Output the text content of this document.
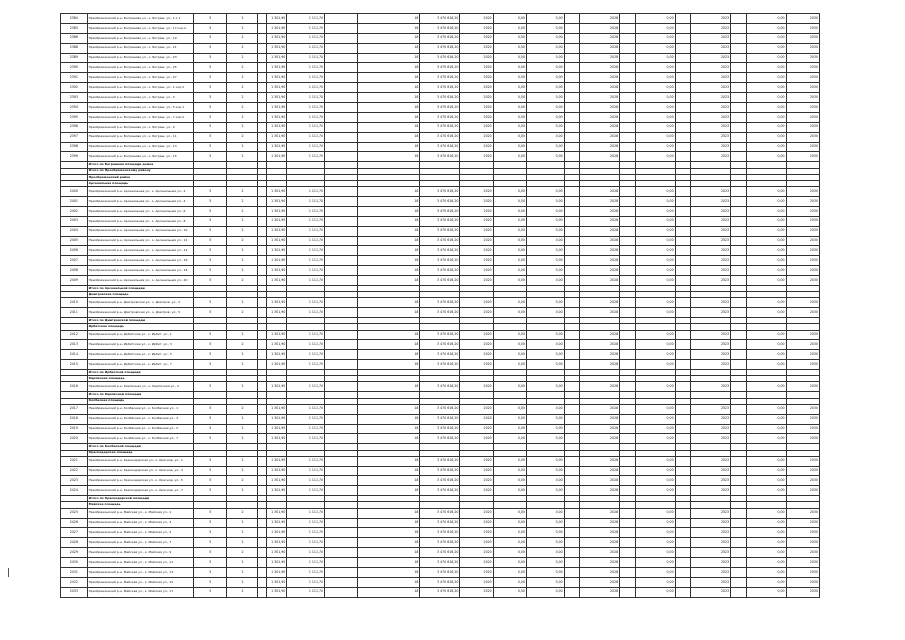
2384	Преображенский р-н, Бограшова ул., к. Бограш. ул., 1 к.1	5	2		1 301,90	1 111,70		18	3 470 616,20	2020	0,00	0,00		2028		0,00		2023		0,00	2030
2385	Преображенский р-н, Бограшова ул., к. Бограш. ул., 17 кор.А	5	2		1 301,90	1 111,70		18	3 470 616,20	2020	0,00	0,00		2028		0,00		2023		0,00	2030
2386	Преображенский р-н, Бограшова ул., к. Бограш. ул., 19	5	2		1 301,90	1 111,70		18	3 470 616,20	2020	0,00	0,00		2028		0,00		2023		0,00	2030
2388	Преображенский р-н, Бограшова ул., к. Бограш. ул., 21	5	2		1 301,90	1 111,70		18	3 470 616,20	2020	0,00	0,00		2028		0,00		2023		0,00	2030
2389	Преображенский р-н, Бограшова ул., к. Бограш. ул., 23	5	2		1 301,90	1 111,70		18	3 470 616,20	2020	0,00	0,00		2028		0,00		2023		0,00	2030
2390	Преображенский р-н, Бограшова ул., к. Бограш. ул., 25	5	2		1 301,90	1 111,70		18	3 470 616,20	2020	0,00	0,00		2028		0,00		2023		0,00	2030
2391	Преображенский р-н, Бограшова ул., к. Бограш. ул., 27	5	2		1 301,90	1 111,70		18	3 470 616,20	2020	0,00	0,00		2028		0,00		2023		0,00	2030
2392	Преображенский р-н, Бограшова ул., к. Бограш. ул., 1 кор.2	5	2		1 301,90	1 111,70		18	3 470 616,20	2020	0,00	0,00		2028		0,00		2023		0,00	2030
2393	Преображенский р-н, Бограшова ул., к. Бограш. ул., 3	5	2		1 301,90	1 111,70		18	3 470 616,20	2020	0,00	0,00		2028		0,00		2023		0,00	2030
2394	Преображенский р-н, Бограшова ул., к. Бограш. ул., 5 кор.1	5	2		1 301,90	1 111,70		18	3 470 616,20	2020	0,00	0,00		2028		0,00		2023		0,00	2030
2395	Преображенский р-н, Бограшова ул., к. Бограш. ул., 7 кор.2	5	2		1 301,90	1 111,70		18	3 470 616,20	2020	0,00	0,00		2028		0,00		2023		0,00	2030
2396	Преображенский р-н, Бограшова ул., к. Бограш. ул., 9	5	2		1 301,90	1 111,70		18	3 470 616,20	2020	0,00	0,00		2028		0,00		2023		0,00	2030
2397	Преображенский р-н, Бограшова ул., к. Бограш. ул., 11	5	2		1 301,90	1 111,70		18	3 470 616,20	2020	0,00	0,00		2028		0,00		2023		0,00	2030
2398	Преображенский р-н, Бограшова ул., к. Бограш. ул., 13	5	2		1 301,90	1 111,70		18	3 470 616,20	2020	0,00	0,00		2028		0,00		2023		0,00	2030
2399	Преображенский р-н, Бограшова ул., к. Бограш. ул., 15	5	2		1 301,90	1 111,70		18	3 470 616,20	2020	0,00	0,00		2028		0,00		2023		0,00	2030
	Итого по Бограшова площади домов																				
	Итого по Преображенскому району																				
	Преображенский район																				
	Арсенальная площадь																				
2400	Преображенский р-н, Арсенальная ул., к. Арсенальная ул., 2	5	2		1 301,90	1 111,70		18	3 470 616,20	2020	0,00	0,00		2028		0,00		2023		0,00	2030
2401	Преображенский р-н, Арсенальная ул., к. Арсенальная ул., 4	5	2		1 301,90	1 111,70		18	3 470 616,20	2020	0,00	0,00		2028		0,00		2023		0,00	2030
2402	Преображенский р-н, Арсенальная ул., к. Арсенальная ул., 6	5	2		1 301,90	1 111,70		18	3 470 616,20	2020	0,00	0,00		2028		0,00		2023		0,00	2030
2403	Преображенский р-н, Арсенальная ул., к. Арсенальная ул., 8	5	2		1 301,90	1 111,70		18	3 470 616,20	2020	0,00	0,00		2028		0,00		2023		0,00	2030
2404	Преображенский р-н, Арсенальная ул., к. Арсенальная ул., 10	5	2		1 301,90	1 111,70		18	3 470 616,20	2020	0,00	0,00		2028		0,00		2023		0,00	2030
2405	Преображенский р-н, Арсенальная ул., к. Арсенальная ул., 12	5	2		1 301,90	1 111,70		18	3 470 616,20	2020	0,00	0,00		2028		0,00		2023		0,00	2030
2406	Преображенский р-н, Арсенальная ул., к. Арсенальная ул., 14	5	2		1 301,90	1 111,70		18	3 470 616,20	2020	0,00	0,00		2028		0,00		2023		0,00	2030
2407	Преображенский р-н, Арсенальная ул., к. Арсенальная ул., 16	5	2		1 301,90	1 111,70		18	3 470 616,20	2020	0,00	0,00		2028		0,00		2023		0,00	2030
2408	Преображенский р-н, Арсенальная ул., к. Арсенальная ул., 18	5	2		1 301,90	1 111,70		18	3 470 616,20	2020	0,00	0,00		2028		0,00		2023		0,00	2030
2409	Преображенский р-н, Арсенальная ул., к. Арсенальная ул., 20	5	2		1 301,90	1 111,70		18	3 470 616,20	2020	0,00	0,00		2028		0,00		2023		0,00	2030
	Итого по Арсенальной площади																				
	Дмитровская площадь																				
2410	Преображенский р-н, Дмитровская ул., к. Дмитров. ул., 3	5	2		1 301,90	1 111,70		18	3 470 616,20	2020	0,00	0,00		2028		0,00		2023		0,00	2030
2411	Преображенский р-н, Дмитровская ул., к. Дмитров. ул., 5	5	2		1 301,90	1 111,70		18	3 470 616,20	2020	0,00	0,00		2028		0,00		2023		0,00	2030
	Итого по Дмитровской площади																				
	Ирбитская площадь																				
2412	Преображенский р-н, Ирбитская ул., к. Ирбит. ул., 1	5	2		1 301,90	1 111,70		18	3 470 616,20	2020	0,00	0,00		2028		0,00		2023		0,00	2030
2413	Преображенский р-н, Ирбитская ул., к. Ирбит. ул., 3	5	2		1 301,90	1 111,70		18	3 470 616,20	2020	0,00	0,00		2028		0,00		2023		0,00	2030
2414	Преображенский р-н, Ирбитская ул., к. Ирбит. ул., 5	5	2		1 301,90	1 111,70		18	3 470 616,20	2020	0,00	0,00		2028		0,00		2023		0,00	2030
2415	Преображенский р-н, Ирбитская ул., к. Ирбит. ул., 7	5	2		1 301,90	1 111,70		18	3 470 616,20	2020	0,00	0,00		2028		0,00		2023		0,00	2030
	Итого по Ирбитской площади																				
	Кирпичная площадь																				
2416	Преображенский р-н, Кирпичная ул., к. Кирпичная ул., 2	5	2		1 301,90	1 111,70		18	3 470 616,20	2020	0,00	0,00		2028		0,00		2023		0,00	2030
	Итого по Кирпичной площади																				
	Колбасная площадь																				
2417	Преображенский р-н, Колбасная ул., к. Колбасная ул., 1	5	2		1 301,90	1 111,70		18	3 470 616,20	2020	0,00	0,00		2028		0,00		2023		0,00	2030
2418	Преображенский р-н, Колбасная ул., к. Колбасная ул., 3	5	2		1 301,90	1 111,70		18	3 470 616,20	2020	0,00	0,00		2028		0,00		2023		0,00	2030
2419	Преображенский р-н, Колбасная ул., к. Колбасная ул., 5	5	2		1 301,90	1 111,70		18	3 470 616,20	2020	0,00	0,00		2028		0,00		2023		0,00	2030
2420	Преображенский р-н, Колбасная ул., к. Колбасная ул., 7	5	2		1 301,90	1 111,70		18	3 470 616,20	2020	0,00	0,00		2028		0,00		2023		0,00	2030
	Итого по Колбасной площади																				
	Краснодарская площадь																				
2421	Преображенский р-н, Краснодарская ул., к. Краснод. ул., 1	5	2		1 301,90	1 111,70		18	3 470 616,20	2020	0,00	0,00		2028		0,00		2023		0,00	2030
2422	Преображенский р-н, Краснодарская ул., к. Краснод. ул., 3	5	2		1 301,90	1 111,70		18	3 470 616,20	2020	0,00	0,00		2028		0,00		2023		0,00	2030
2423	Преображенский р-н, Краснодарская ул., к. Краснод. ул., 5	5	2		1 301,90	1 111,70		18	3 470 616,20	2020	0,00	0,00		2028		0,00		2023		0,00	2030
2424	Преображенский р-н, Краснодарская ул., к. Краснод. ул., 7	5	2		1 301,90	1 111,70		18	3 470 616,20	2020	0,00	0,00		2028		0,00		2023		0,00	2030
	Итого по Краснодарской площади																				
	Майская площадь																				
2425	Преображенский р-н, Майская ул., к. Майская ул., 1	5	2		1 301,90	1 111,70		18	3 470 616,20	2020	0,00	0,00		2028		0,00		2023		0,00	2030
2426	Преображенский р-н, Майская ул., к. Майская ул., 3	5	2		1 301,90	1 111,70		18	3 470 616,20	2020	0,00	0,00		2028		0,00		2023		0,00	2030
2427	Преображенский р-н, Майская ул., к. Майская ул., 5	5	2		1 301,90	1 111,70		18	3 470 616,20	2020	0,00	0,00		2028		0,00		2023		0,00	2030
2428	Преображенский р-н, Майская ул., к. Майская ул., 7	5	2		1 301,90	1 111,70		18	3 470 616,20	2020	0,00	0,00		2028		0,00		2023		0,00	2030
2429	Преображенский р-н, Майская ул., к. Майская ул., 9	5	2		1 301,90	1 111,70		18	3 470 616,20	2020	0,00	0,00		2028		0,00		2023		0,00	2030
2430	Преображенский р-н, Майская ул., к. Майская ул., 11	5	2		1 301,90	1 111,70		18	3 470 616,20	2020	0,00	0,00		2028		0,00		2023		0,00	2030
2431	Преображенский р-н, Майская ул., к. Майская ул., 13	5	2		1 301,90	1 111,70		18	3 470 616,20	2020	0,00	0,00		2028		0,00		2023		0,00	2030
2432	Преображенский р-н, Майская ул., к. Майская ул., 15	5	2		1 301,90	1 111,70		18	3 470 616,20	2020	0,00	0,00		2028		0,00		2023		0,00	2030
2433	Преображенский р-н, Майская ул., к. Майская ул., 17	5	2		1 301,90	1 111,70		18	3 470 616,20	2020	0,00	0,00		2028		0,00		2023		0,00	2030
